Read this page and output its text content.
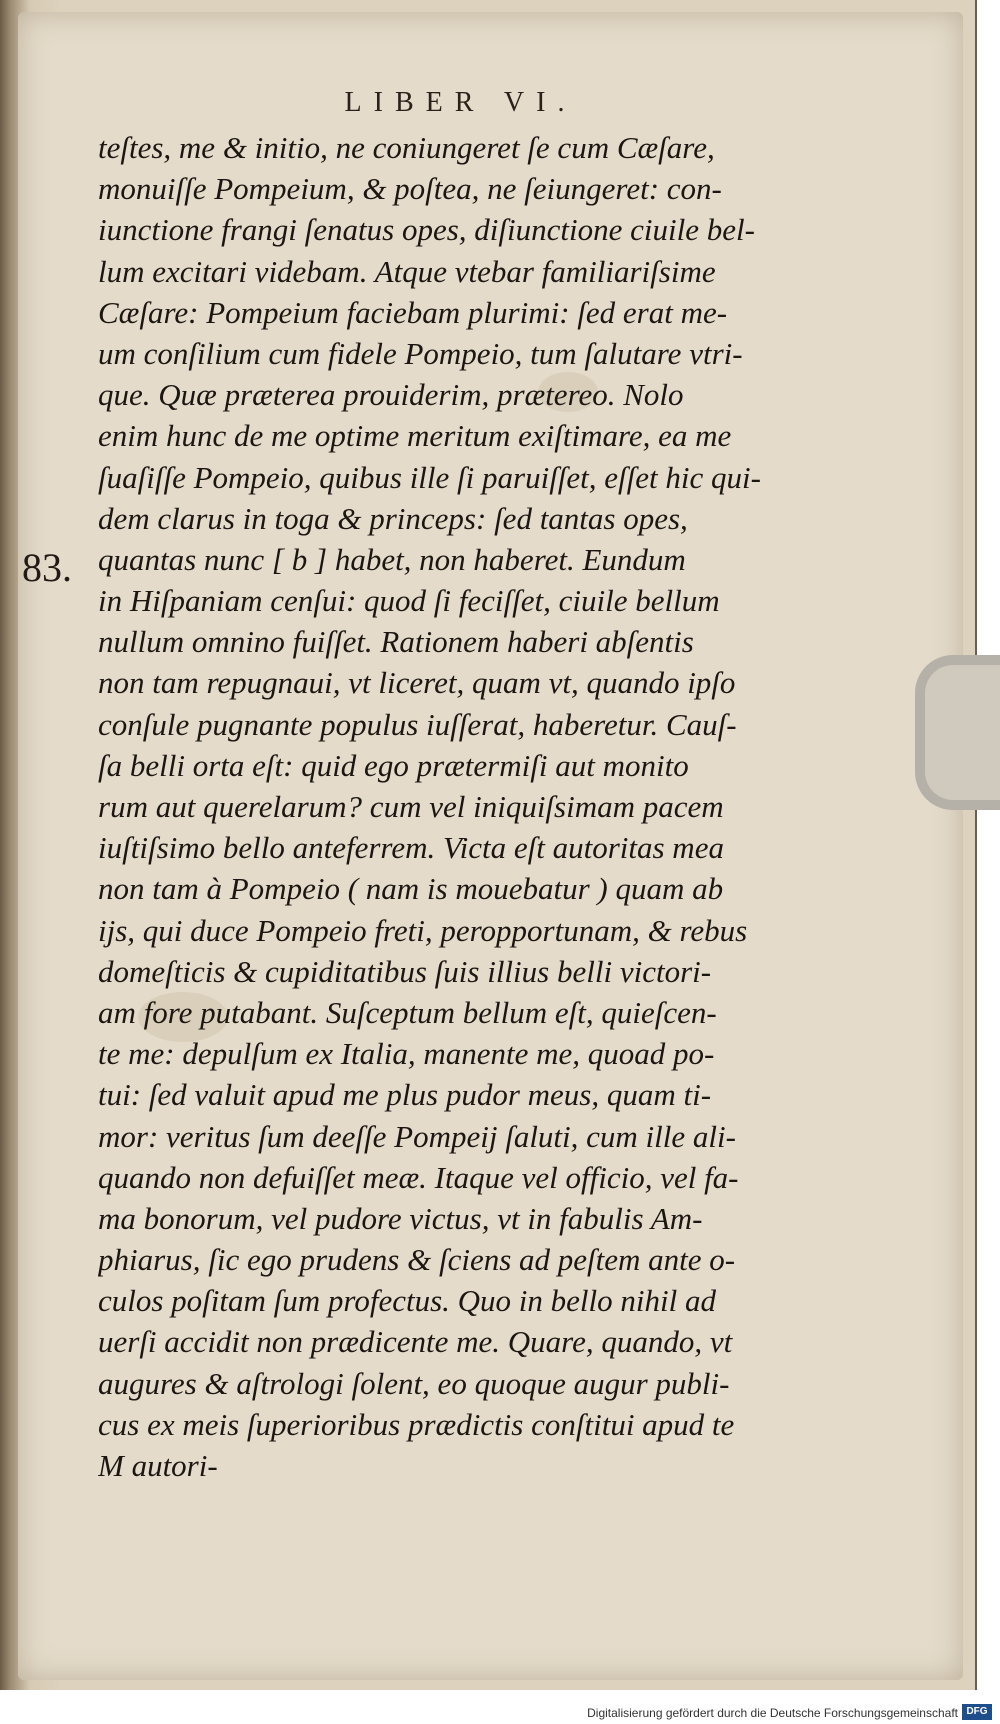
LIBER VI.
83.
teſtes, me & initio, ne coniungeret ſe cum Cæſare,
monuiſſe Pompeium, & poſtea, ne ſeiungeret: con-
iunctione frangi ſenatus opes, diſiunctione ciuile bel-
lum excitari videbam. Atque vtebar familiariſsime
Cæſare: Pompeium faciebam plurimi: ſed erat me-
um conſilium cum fidele Pompeio, tum ſalutare vtri-
que. Quæ præterea prouiderim, prætereo. Nolo
enim hunc de me optime meritum exiſtimare, ea me
ſuaſiſſe Pompeio, quibus ille ſi paruiſſet, eſſet hic qui-
dem clarus in toga & princeps: ſed tantas opes,
quantas nunc [ b ] habet, non haberet. Eundum
in Hiſpaniam cenſui: quod ſi feciſſet, ciuile bellum
nullum omnino fuiſſet. Rationem haberi abſentis
non tam repugnaui, vt liceret, quam vt, quando ipſo
conſule pugnante populus iuſſerat, haberetur. Cauſ-
ſa belli orta eſt: quid ego prætermiſi aut monito
rum aut querelarum? cum vel iniquiſsimam pacem
iuſtiſsimo bello anteferrem. Victa eſt autoritas mea
non tam à Pompeio ( nam is mouebatur ) quam ab
ijs, qui duce Pompeio freti, peropportunam, & rebus
domeſticis & cupiditatibus ſuis illius belli victori-
am fore putabant. Suſceptum bellum eſt, quieſcen-
te me: depulſum ex Italia, manente me, quoad po-
tui: ſed valuit apud me plus pudor meus, quam ti-
mor: veritus ſum deeſſe Pompeij ſaluti, cum ille ali-
quando non defuiſſet meæ. Itaque vel officio, vel fa-
ma bonorum, vel pudore victus, vt in fabulis Am-
phiarus, ſic ego prudens & ſciens ad peſtem ante o-
culos poſitam ſum profectus. Quo in bello nihil ad
uerſi accidit non prædicente me. Quare, quando, vt
augures & aſtrologi ſolent, eo quoque augur publi-
cus ex meis ſuperioribus prædictis conſtitui apud te
M autori-
Digitalisierung gefördert durch die Deutsche Forschungsgemeinschaft DFG
